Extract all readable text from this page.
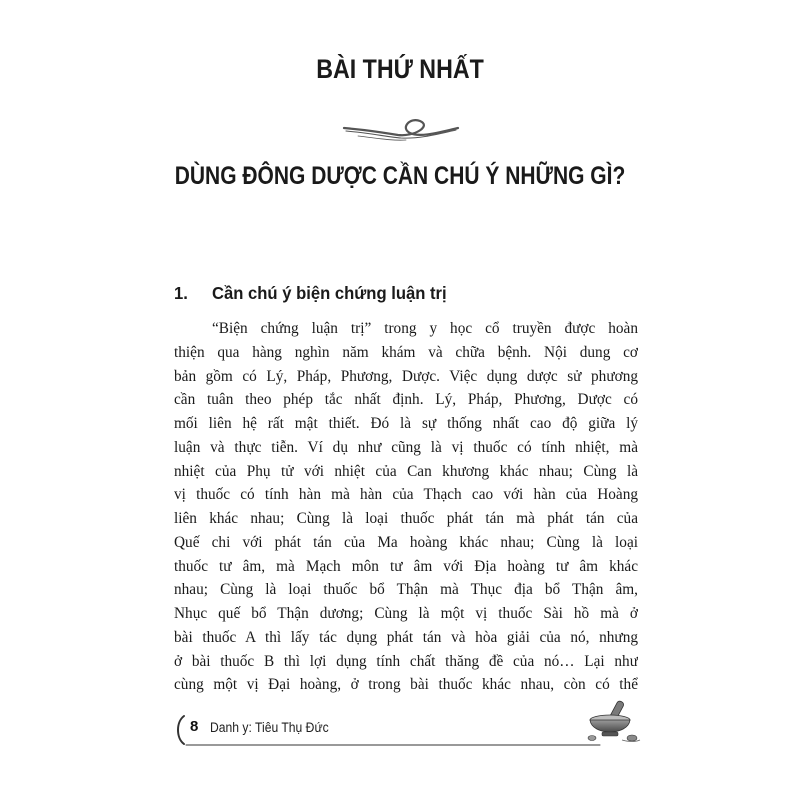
BÀI THỨ NHẤT
DÙNG ĐÔNG DƯỢC CẦN CHÚ Ý NHỮNG GÌ?
1. Cần chú ý biện chứng luận trị
“Biện chứng luận trị” trong y học cổ truyền được hoàn
thiện qua hàng nghìn năm khám và chữa bệnh. Nội dung cơ
bản gồm có Lý, Pháp, Phương, Dược. Việc dụng dược sử phương
cần tuân theo phép tắc nhất định. Lý, Pháp, Phương, Dược có
mối liên hệ rất mật thiết. Đó là sự thống nhất cao độ giữa lý
luận và thực tiễn. Ví dụ như cũng là vị thuốc có tính nhiệt, mà
nhiệt của Phụ tử với nhiệt của Can khương khác nhau; Cùng là
vị thuốc có tính hàn mà hàn của Thạch cao với hàn của Hoàng
liên khác nhau; Cùng là loại thuốc phát tán mà phát tán của
Quế chi với phát tán của Ma hoàng khác nhau; Cùng là loại
thuốc tư âm, mà Mạch môn tư âm với Địa hoàng tư âm khác
nhau; Cùng là loại thuốc bổ Thận mà Thục địa bổ Thận âm,
Nhục quế bổ Thận dương; Cùng là một vị thuốc Sài hồ mà ở
bài thuốc A thì lấy tác dụng phát tán và hòa giải của nó, nhưng
ở bài thuốc B thì lợi dụng tính chất thăng đề của nó… Lại như
cùng một vị Đại hoàng, ở trong bài thuốc khác nhau, còn có thể
8 Danh y: Tiêu Thụ Đức
